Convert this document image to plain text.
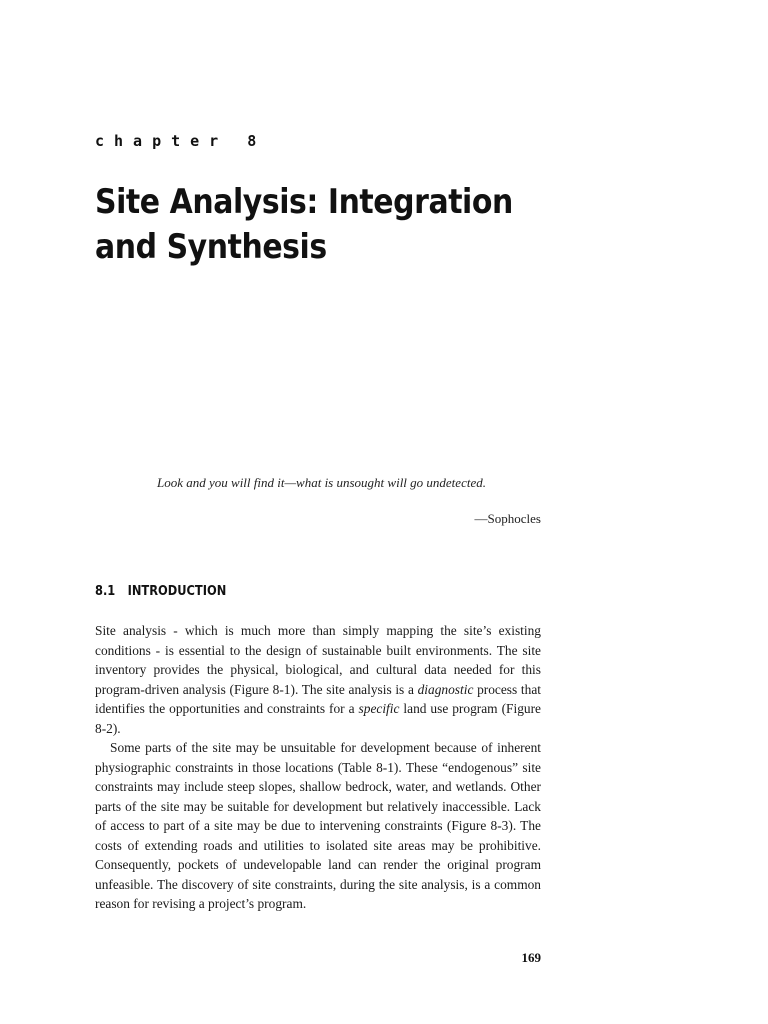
chapter 8
Site Analysis: Integration
and Synthesis
Look and you will find it—what is unsought will go undetected.
—Sophocles
8.1 INTRODUCTION

Site analysis - which is much more than simply mapping the site’s existing conditions - is essential to the design of sustainable built environments. The site inventory provides the physical, biological, and cultural data needed for this program-driven analysis (Figure 8-1). The site analysis is a diagnostic process that identifies the opportunities and constraints for a specific land use program (Figure 8-2).

Some parts of the site may be unsuitable for development because of inherent physiographic constraints in those locations (Table 8-1). These “endogenous” site constraints may include steep slopes, shallow bedrock, water, and wetlands. Other parts of the site may be suitable for development but relatively inaccessible. Lack of access to part of a site may be due to intervening constraints (Figure 8-3). The costs of extending roads and utilities to isolated site areas may be prohibitive. Consequently, pockets of undevelopable land can render the original program unfeasible. The discovery of site constraints, during the site analysis, is a common reason for revising a project’s program.

169
